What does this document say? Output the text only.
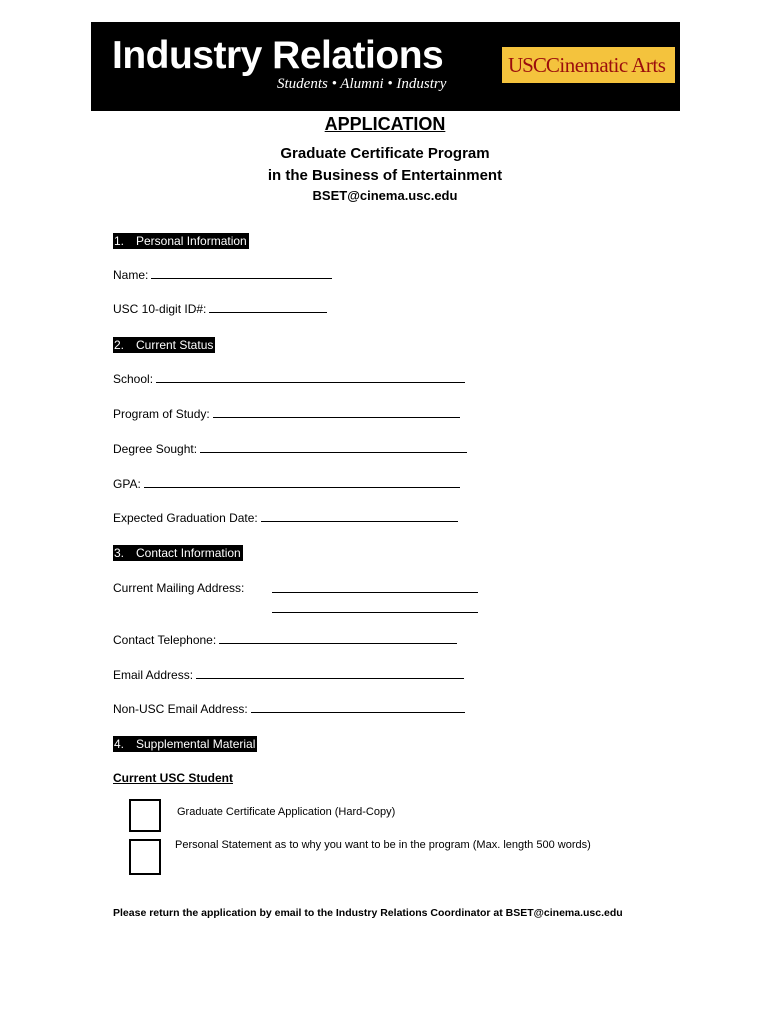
Industry Relations
Students • Alumni • Industry
USCCinematic Arts
APPLICATION
Graduate Certificate Program
in the Business of Entertainment
BSET@cinema.usc.edu
1. Personal Information
Name:
USC 10-digit ID#:
2. Current Status
School:
Program of Study:
Degree Sought:
GPA:
Expected Graduation Date:
3. Contact Information
Current Mailing Address:
Contact Telephone:
Email Address:
Non-USC Email Address:
4. Supplemental Material
Current USC Student
Graduate Certificate Application (Hard-Copy)
Personal Statement as to why you want to be in the program (Max. length 500 words)
Please return the application by email to the Industry Relations Coordinator at BSET@cinema.usc.edu
